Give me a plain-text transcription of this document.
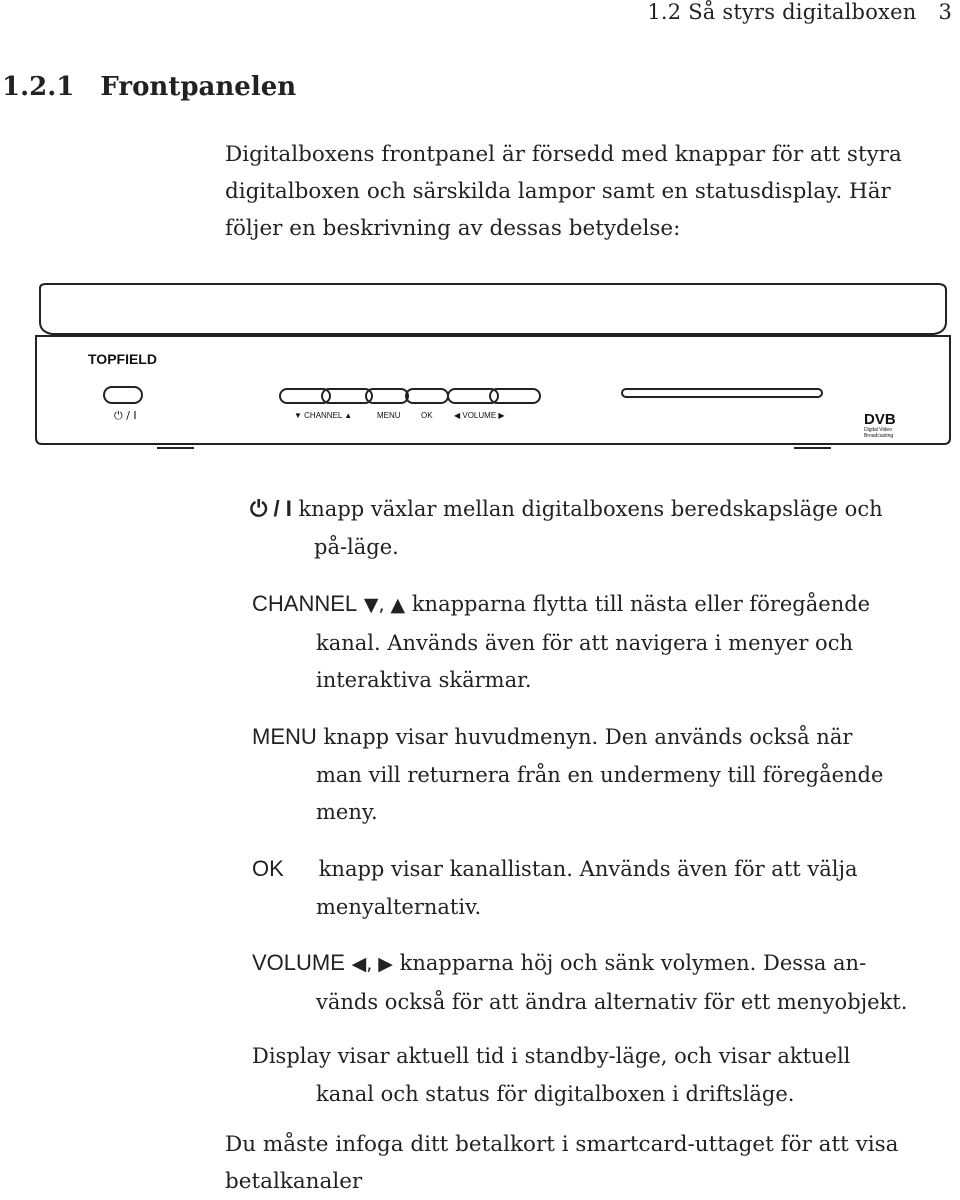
1.2 Så styrs digitalboxen 3
1.2.1 Frontpanelen

Digitalboxens frontpanel är försedd med knappar för att styra digitalboxen och särskilda lampor samt en statusdisplay. Här följer en beskrivning av dessas betydelse:

TOPFIELD
⏻ / I	▼ CHANNEL ▲	MENU	OK	◀ VOLUME ▶	DVB
Digital Video
Broadcasting
⏻ / I knapp växlar mellan digitalboxens beredskapsläge och
på-läge.
CHANNEL ▼, ▲ knapparna flytta till nästa eller föregående
kanal. Används även för att navigera i menyer och
interaktiva skärmar.
MENU knapp visar huvudmenyn. Den används också när
man vill returnera från en undermeny till föregående
meny.
OK knapp visar kanallistan. Används även för att välja
menyalternativ.
VOLUME ◀, ▶ knapparna höj och sänk volymen. Dessa an-
vänds också för att ändra alternativ för ett menyobjekt.
Display visar aktuell tid i standby-läge, och visar aktuell
kanal och status för digitalboxen i driftsläge.

Du måste infoga ditt betalkort i smartcard-uttaget för att visa betalkanaler
